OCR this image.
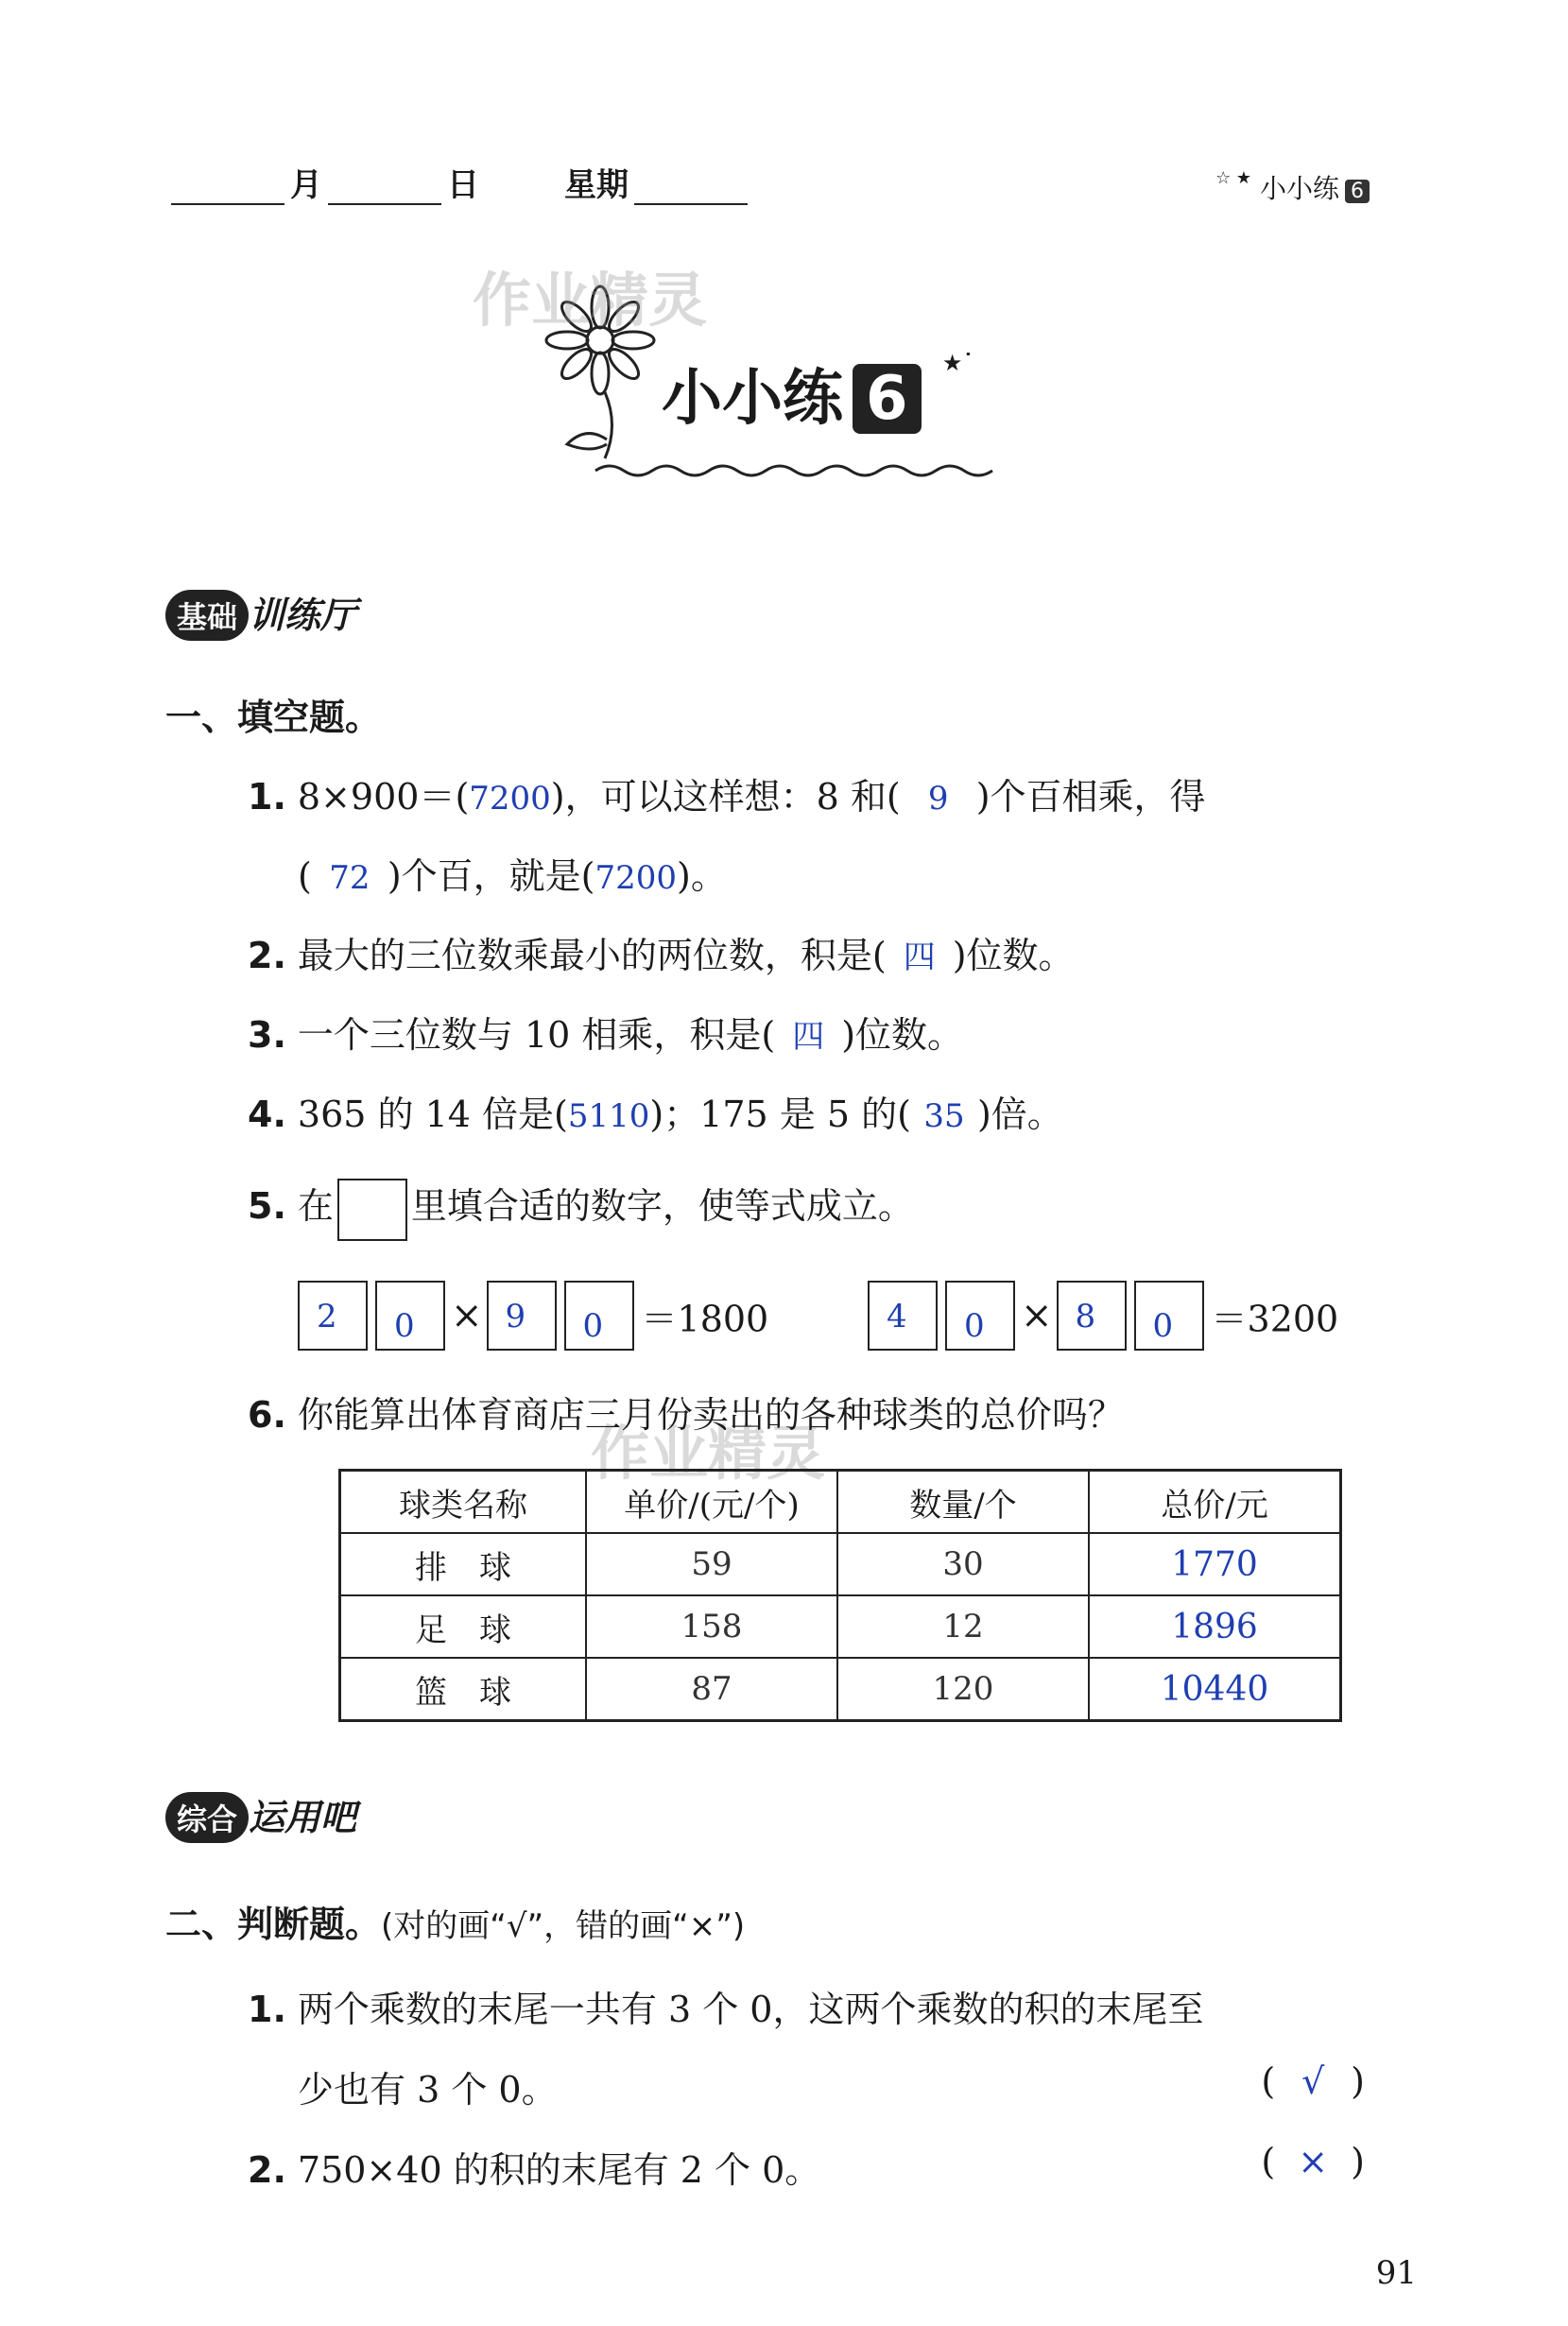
月	日	星期	☆ ★ 小小练 6
小小练 6 ★˙
作业精灵
作业精灵
基础 训练厅
一、填空题。
1. 8×900＝(7200)，可以这样想：8 和( 9 )个百相乘，得
( 72 )个百，就是(7200)。
2. 最大的三位数乘最小的两位数，积是( 四 )位数。
3. 一个三位数与 10 相乘，积是( 四 )位数。
4. 365 的 14 倍是(5110)；175 是 5 的( 35 )倍。
5. 在 里填合适的数字，使等式成立。
2 0 × 9 0 ＝1800	4 0 × 8 0 ＝3200
6. 你能算出体育商店三月份卖出的各种球类的总价吗？
球类名称	单价/(元/个)	数量/个	总价/元
排　球	59	30	1770
足　球	158	12	1896
篮　球	87	120	10440
综合 运用吧
二、判断题。(对的画“√”，错的画“×”)
1. 两个乘数的末尾一共有 3 个 0，这两个乘数的积的末尾至
少也有 3 个 0。	( √ )
2. 750×40 的积的末尾有 2 个 0。	( × )
91
